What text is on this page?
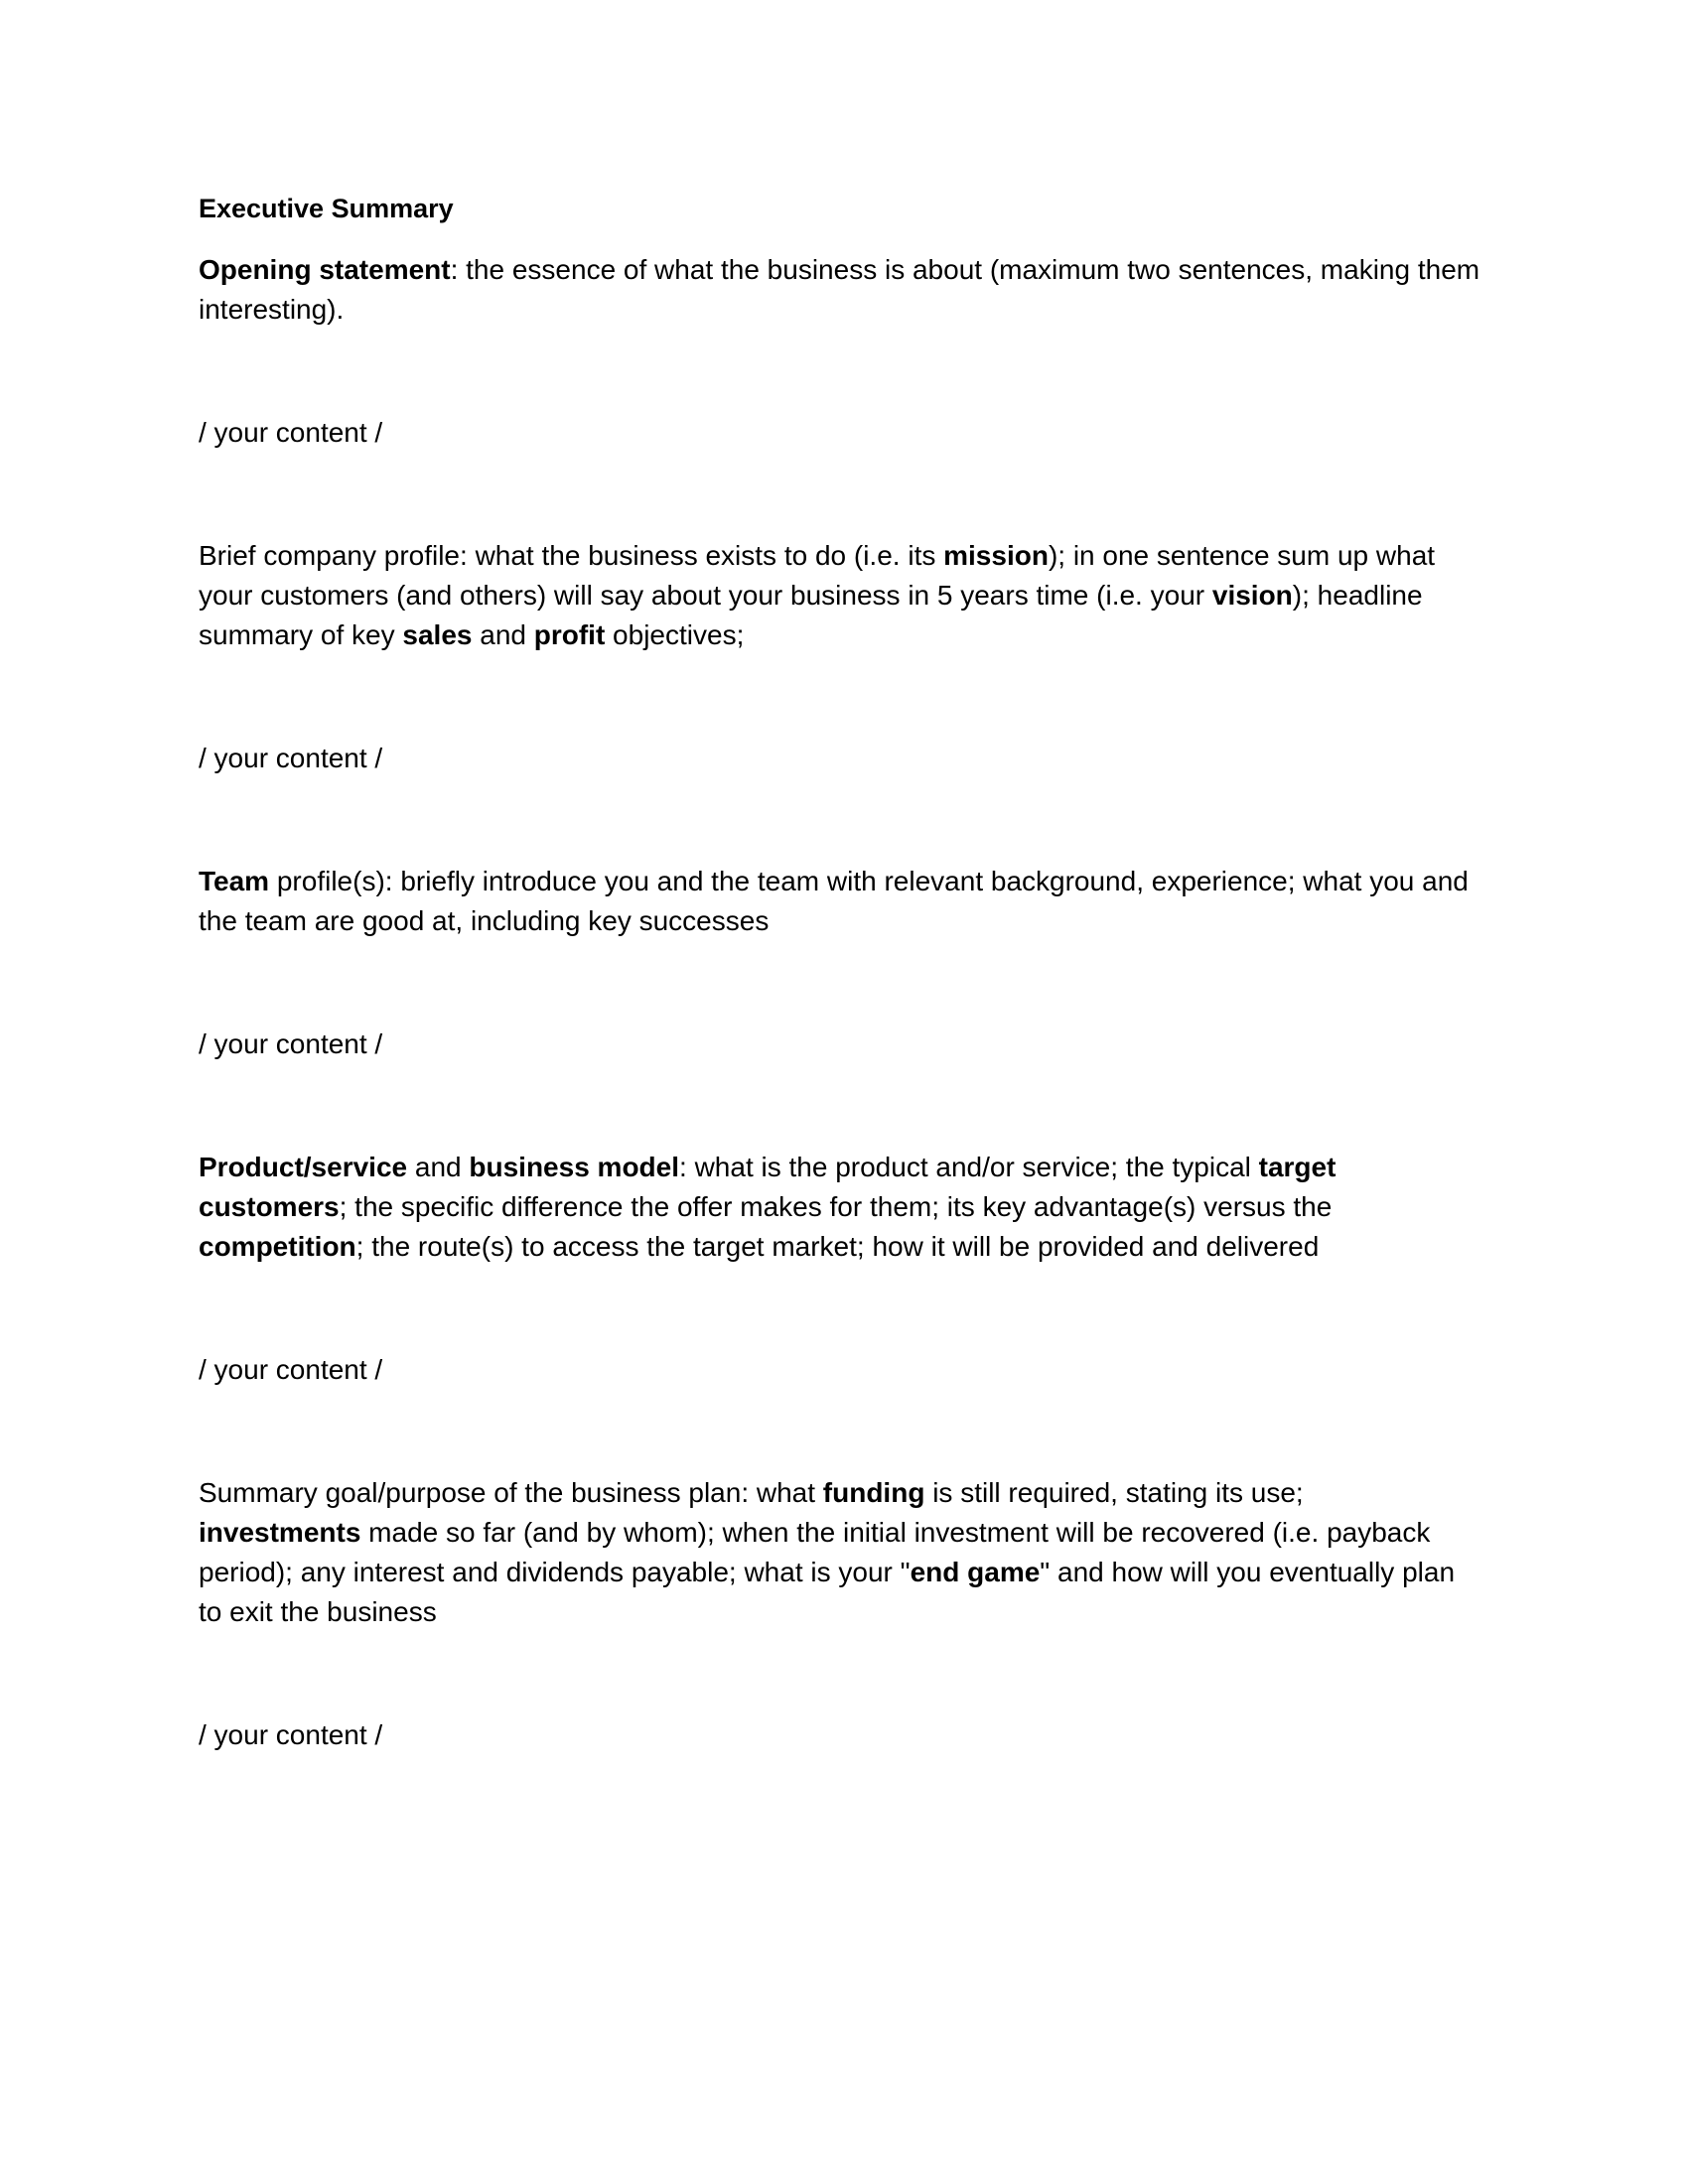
Executive Summary

Opening statement: the essence of what the business is about (maximum two sentences, making them interesting).

/ your content /

Brief company profile: what the business exists to do (i.e. its mission); in one sentence sum up what your customers (and others) will say about your business in 5 years time (i.e. your vision); headline summary of key sales and profit objectives;

/ your content /

Team profile(s): briefly introduce you and the team with relevant background, experience; what you and the team are good at, including key successes

/ your content /

Product/service and business model: what is the product and/or service; the typical target customers; the specific difference the offer makes for them; its key advantage(s) versus the competition; the route(s) to access the target market; how it will be provided and delivered

/ your content /

Summary goal/purpose of the business plan: what funding is still required, stating its use; investments made so far (and by whom); when the initial investment will be recovered (i.e. payback period); any interest and dividends payable; what is your "end game" and how will you eventually plan to exit the business

/ your content /
